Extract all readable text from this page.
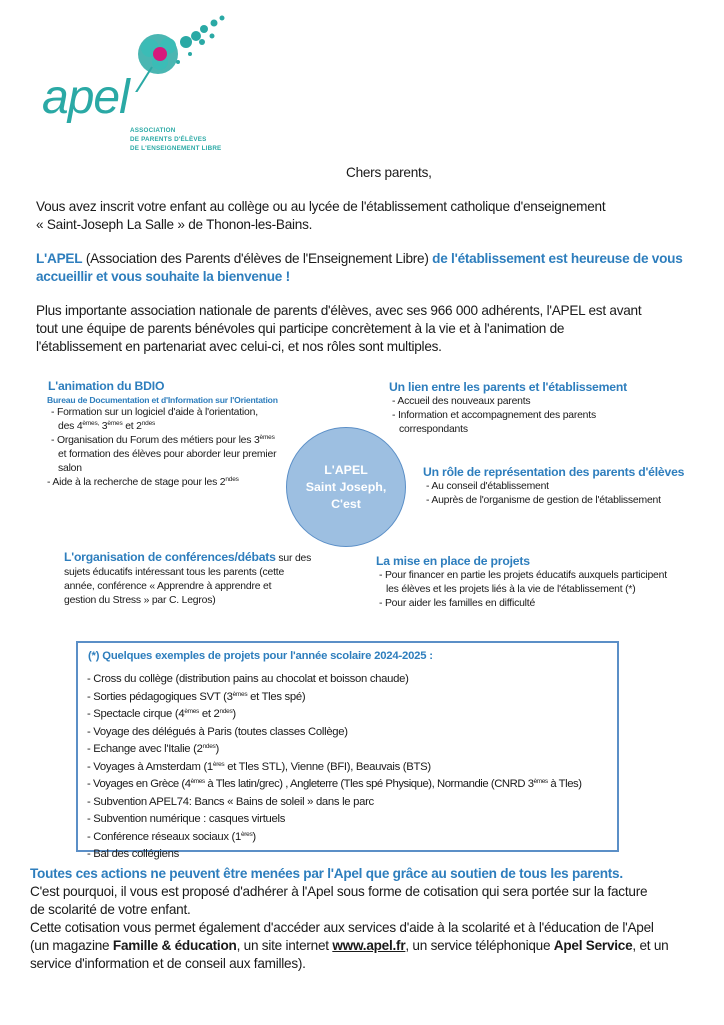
apel
ASSOCIATION
DE PARENTS D'ÉLÈVES
DE L'ENSEIGNEMENT LIBRE
Chers parents,
Vous avez inscrit votre enfant au collège ou au lycée de l'établissement catholique d'enseignement
« Saint-Joseph La Salle » de Thonon-les-Bains.
L'APEL (Association des Parents d'élèves de l'Enseignement Libre) de l'établissement est heureuse de vous
accueillir et vous souhaite la bienvenue !
Plus importante association nationale de parents d'élèves, avec ses 966 000 adhérents, l'APEL est avant
tout une équipe de parents bénévoles qui participe concrètement à la vie et à l'animation de
l'établissement en partenariat avec celui-ci, et nos rôles sont multiples.
L'animation du BDIO
Bureau de Documentation et d'Information sur l'Orientation
- Formation sur un logiciel d'aide à l'orientation,
des $4^{èmes,}$ 3èmes et $2^{ndes}$
- Organisation du Forum des métiers pour les 3èmes
et formation des élèves pour aborder leur premier
salon
- Aide à la recherche de stage pour les $2^{ndes}$
Un lien entre les parents et l'établissement
- Accueil des nouveaux parents
- Information et accompagnement des parents
correspondants
L'APEL
Saint Joseph,
C'est
Un rôle de représentation des parents d'élèves
- Au conseil d'établissement
- Auprès de l'organisme de gestion de l'établissement
L'organisation de conférences/débats sur des
sujets éducatifs intéressant tous les parents (cette
année, conférence « Apprendre à apprendre et
gestion du Stress » par C. Legros)
La mise en place de projets
- Pour financer en partie les projets éducatifs auxquels participent
les élèves et les projets liés à la vie de l'établissement (*)
- Pour aider les familles en difficulté
(*) Quelques exemples de projets pour l'année scolaire 2024-2025 :
- Cross du collège (distribution pains au chocolat et boisson chaude)
- Sorties pédagogiques SVT (3èmes et Tles spé)
- Spectacle cirque (4èmes et $2^{ndes}$)
- Voyage des délégués à Paris (toutes classes Collège)
- Echange avec l'Italie $(2^{ndes})$
- Voyages à Amsterdam (1ères et Tles STL), Vienne (BFI), Beauvais (BTS)
- Voyages en Grèce (4èmes à Tles latin/grec) , Angleterre (Tles spé Physique), Normandie (CNRD 3èmes à Tles)
- Subvention APEL74: Bancs « Bains de soleil » dans le parc
- Subvention numérique : casques virtuels
- Conférence réseaux sociaux (1ères)
- Bal des collégiens
Toutes ces actions ne peuvent être menées par l'Apel que grâce au soutien de tous les parents.
C'est pourquoi, il vous est proposé d'adhérer à l'Apel sous forme de cotisation qui sera portée sur la facture
de scolarité de votre enfant.
Cette cotisation vous permet également d'accéder aux services d'aide à la scolarité et à l'éducation de l'Apel
(un magazine Famille & éducation, un site internet www.apel.fr, un service téléphonique Apel Service, et un
service d'information et de conseil aux familles).
